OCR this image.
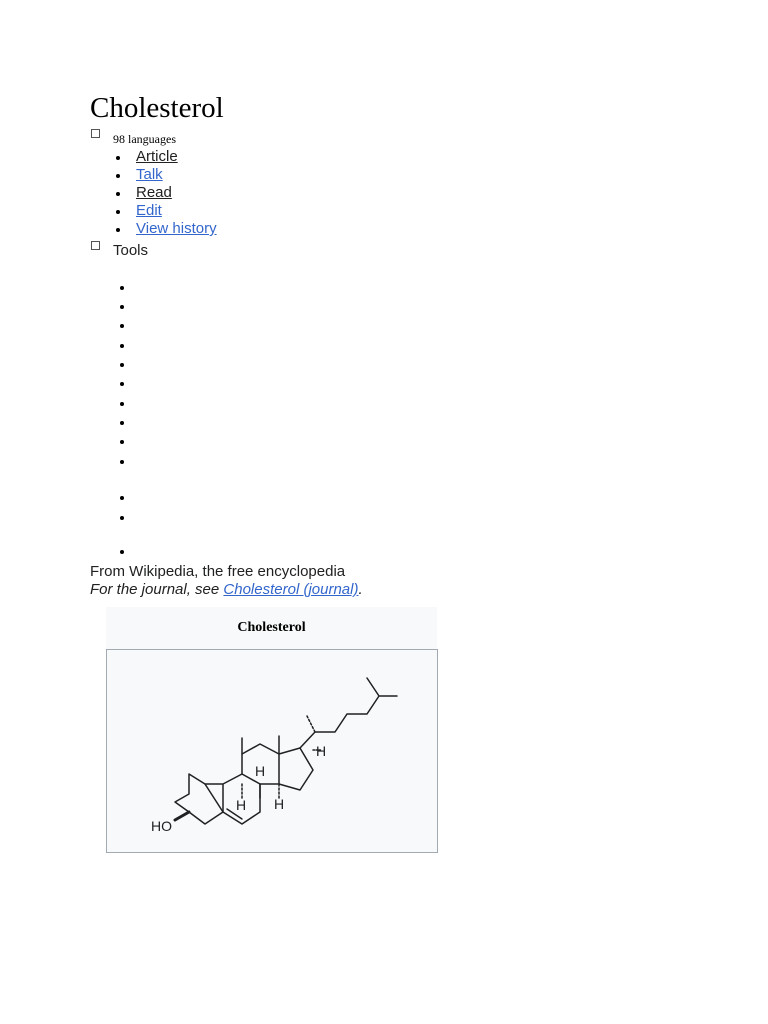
Cholesterol
98 languages
Article
Talk
Read
Edit
View history
Tools
From Wikipedia, the free encyclopedia
For the journal, see Cholesterol (journal).
Cholesterol
HO
H
H H
H
